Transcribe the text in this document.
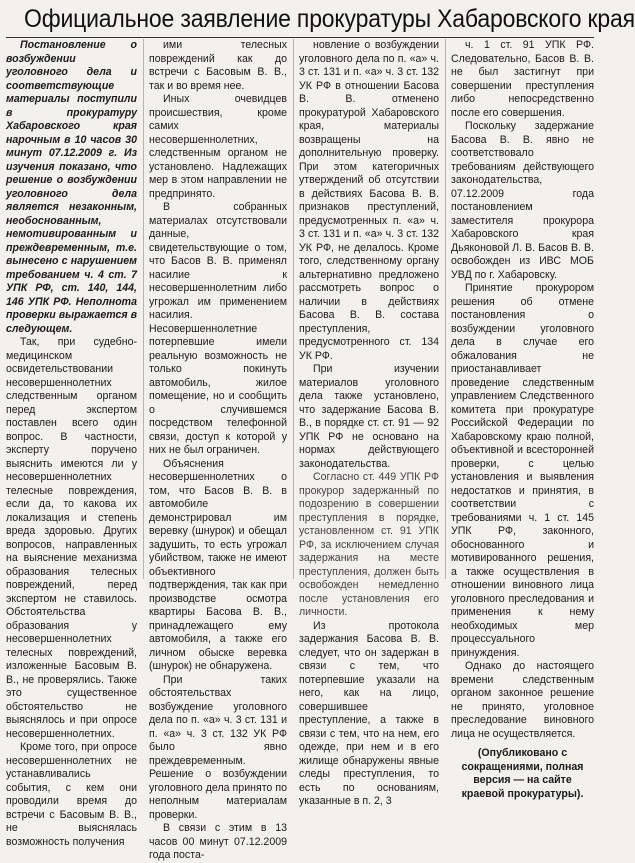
Официальное заявление прокуратуры Хабаровского края

Постановление о возбуждении уголовного дела и соответствующие материалы поступили в прокуратуру Хабаровского края нарочным в 10 часов 30 минут 07.12.2009 г. Из изучения показано, что решение о возбуждении уголовного дела является незаконным, необоснованным, немотивированным и преждевременным, т.е. вынесено с нарушением требованием ч. 4 ст. 7 УПК РФ, ст. 140, 144, 146 УПК РФ. Неполнота проверки выражается в следующем.

Так, при судебно-медицинском освидетельствовании несовершеннолетних следственным органом перед экспертом поставлен всего один вопрос. В частности, эксперту поручено выяснить имеются ли у несовершеннолетних телесные повреждения, если да, то какова их локализация и степень вреда здоровью. Других вопросов, направленных на выяснение механизма образования телесных повреждений, перед экспертом не ставилось. Обстоятельства образования у несовершеннолетних телесных повреждений, изложенные Басовым В. В., не проверялись. Также это существенное обстоятельство не выяснялось и при опросе несовершеннолетних.

Кроме того, при опросе несовершеннолетних не устанавливались события, с кем они проводили время до встречи с Басовым В. В., не выяснялась возможность получения

ими телесных повреждений как до встречи с Басовым В. В., так и во время нее.

Иных очевидцев происшествия, кроме самих несовершеннолетних, следственным органом не установлено. Надлежащих мер в этом направлении не предпринято.

В собранных материалах отсутствовали данные, свидетельствующие о том, что Басов В. В. применял насилие к несовершеннолетним либо угрожал им применением насилия. Несовершеннолетние потерпевшие имели реальную возможность не только покинуть автомобиль, жилое помещение, но и сообщить о случившемся посредством телефонной связи, доступ к которой у них не был ограничен.

Объяснения несовершеннолетних о том, что Басов В. В. в автомобиле демонстрировал им веревку (шнурок) и обещал задушить, то есть угрожал убийством, также не имеют объективного подтверждения, так как при производстве осмотра квартиры Басова В. В., принадлежащего ему автомобиля, а также его личном обыске веревка (шнурок) не обнаружена.

При таких обстоятельствах возбуждение уголовного дела по п. «а» ч. 3 ст. 131 и п. «а» ч. 3 ст. 132 УК РФ было явно преждевременным. Решение о возбуждении уголовного дела принято по неполным материалам проверки.

В связи с этим в 13 часов 00 минут 07.12.2009 года поста-

новление о возбуждении уголовного дела по п. «а» ч. 3 ст. 131 и п. «а» ч. 3 ст. 132 УК РФ в отношении Басова В. В. отменено прокуратурой Хабаровского края, материалы возвращены на дополнительную проверку. При этом категоричных утверждений об отсутствии в действиях Басова В. В. признаков преступлений, предусмотренных п. «а» ч. 3 ст. 131 и п. «а» ч. 3 ст. 132 УК РФ, не делалось. Кроме того, следственному органу альтернативно предложено рассмотреть вопрос о наличии в действиях Басова В. В. состава преступления, предусмотренного ст. 134 УК РФ.

При изучении материалов уголовного дела также установлено, что задержание Басова В. В., в порядке ст. ст. 91 — 92 УПК РФ не основано на нормах действующего законодательства.

Согласно ст. 449 УПК РФ прокурор задержанный по подозрению в совершении преступления в порядке, установленном ст. 91 УПК РФ, за исключением случая задержания на месте преступления, должен быть освобожден немедленно после установления его личности.

Из протокола задержания Басова В. В. следует, что он задержан в связи с тем, что потерпевшие указали на него, как на лицо, совершившее преступление, а также в связи с тем, что на нем, его одежде, при нем и в его жилище обнаружены явные следы преступления, то есть по основаниям, указанные в п. 2, 3

ч. 1 ст. 91 УПК РФ. Следовательно, Басов В. В. не был застигнут при совершении преступления либо непосредственно после его совершения.

Поскольку задержание Басова В. В. явно не соответствовало требованиям действующего законодательства, 07.12.2009 года постановлением заместителя прокурора Хабаровского края Дьяконовой Л. В. Басов В. В. освобожден из ИВС МОБ УВД по г. Хабаровску.

Принятие прокурором решения об отмене постановления о возбуждении уголовного дела в случае его обжалования не приостанавливает проведение следственным управлением Следственного комитета при прокуратуре Российской Федерации по Хабаровскому краю полной, объективной и всесторонней проверки, с целью установления и выявления недостатков и принятия, в соответствии с требованиями ч. 1 ст. 145 УПК РФ, законного, обоснованного и мотивированного решения, а также осуществления в отношении виновного лица уголовного преследования и применения к нему необходимых мер процессуального принуждения.

Однако до настоящего времени следственным органом законное решение не принято, уголовное преследование виновного лица не осуществляется.

(Опубликовано с сокращениями, полная версия — на сайте краевой прокуратуры).
